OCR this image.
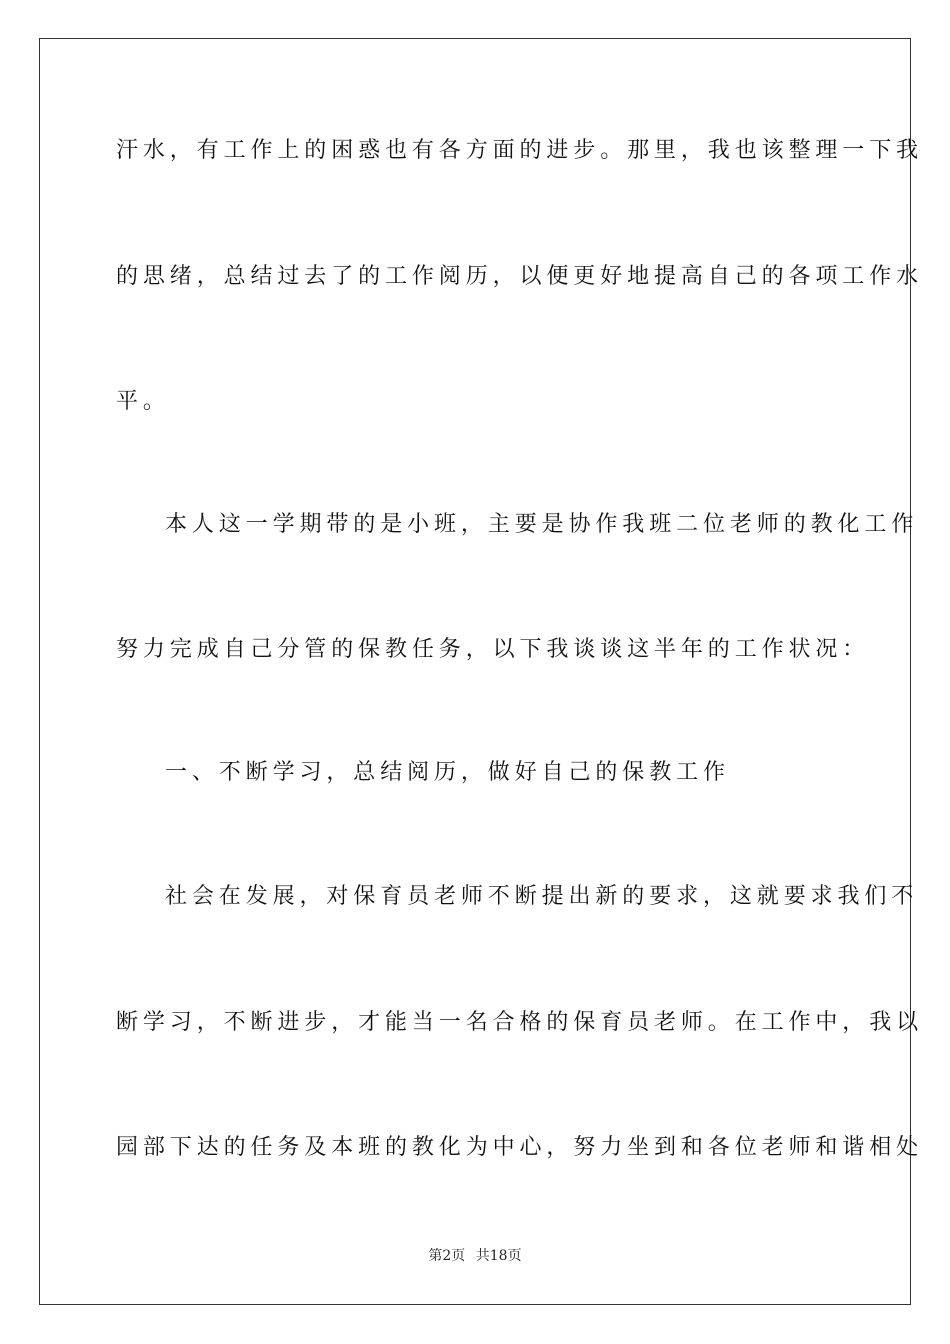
汗水，有工作上的困惑也有各方面的进步。那里，我也该整理一下我
的思绪，总结过去了的工作阅历，以便更好地提高自己的各项工作水
平。
本人这一学期带的是小班，主要是协作我班二位老师的教化工作
努力完成自己分管的保教任务，以下我谈谈这半年的工作状况：
一、不断学习，总结阅历，做好自己的保教工作
社会在发展，对保育员老师不断提出新的要求，这就要求我们不
断学习，不断进步，才能当一名合格的保育员老师。在工作中，我以
园部下达的任务及本班的教化为中心，努力坐到和各位老师和谐相处
第2页 共18页
